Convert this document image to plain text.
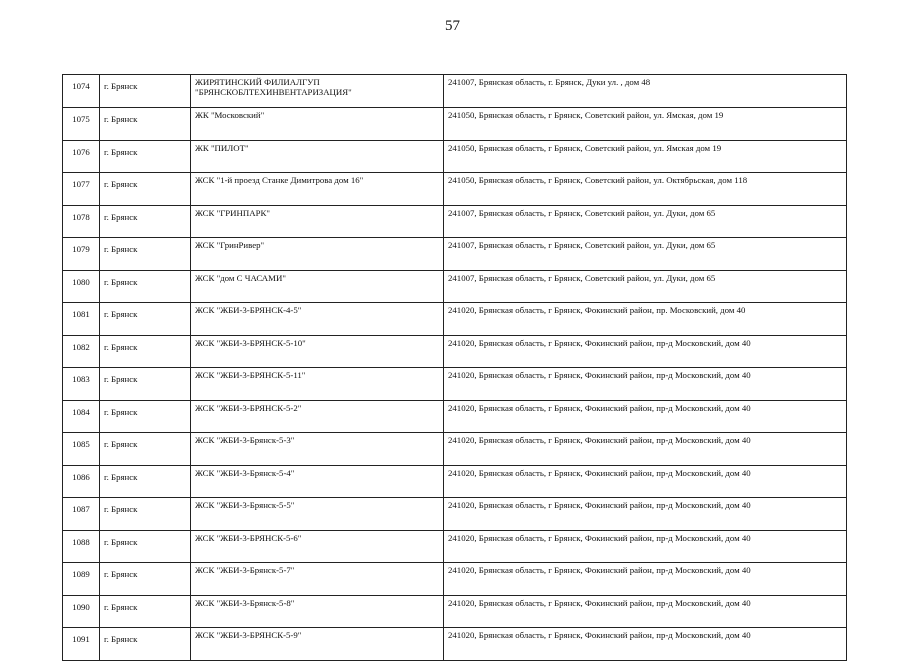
57
1074	г. Брянск	ЖИРЯТИНСКИЙ ФИЛИАЛГУП
"БРЯНСКОБЛТЕХИНВЕНТАРИЗАЦИЯ"	241007, Брянская область, г. Брянск, Дуки ул. , дом 48
1075	г. Брянск	ЖК "Московский"	241050, Брянская область, г Брянск, Советский район, ул. Ямская, дом 19
1076	г. Брянск	ЖК "ПИЛОТ"	241050, Брянская область, г Брянск, Советский район, ул. Ямская дом 19
1077	г. Брянск	ЖСК "1-й проезд Станке Димитрова дом 16"	241050, Брянская область, г Брянск, Советский район, ул. Октябрьская, дом 118
1078	г. Брянск	ЖСК "ГРИНПАРК"	241007, Брянская область, г Брянск, Советский район, ул. Дуки, дом 65
1079	г. Брянск	ЖСК "ГринРивер"	241007, Брянская область, г Брянск, Советский район, ул. Дуки, дом 65
1080	г. Брянск	ЖСК "дом С ЧАСАМИ"	241007, Брянская область, г Брянск, Советский район, ул. Дуки, дом 65
1081	г. Брянск	ЖСК "ЖБИ-3-БРЯНСК-4-5"	241020, Брянская область, г Брянск, Фокинский район, пр. Московский, дом 40
1082	г. Брянск	ЖСК "ЖБИ-3-БРЯНСК-5-10"	241020, Брянская область, г Брянск, Фокинский район, пр-д Московский, дом 40
1083	г. Брянск	ЖСК "ЖБИ-3-БРЯНСК-5-11"	241020, Брянская область, г Брянск, Фокинский район, пр-д Московский, дом 40
1084	г. Брянск	ЖСК "ЖБИ-3-БРЯНСК-5-2"	241020, Брянская область, г Брянск, Фокинский район, пр-д Московский, дом 40
1085	г. Брянск	ЖСК "ЖБИ-3-Брянск-5-3"	241020, Брянская область, г Брянск, Фокинский район, пр-д Московский, дом 40
1086	г. Брянск	ЖСК "ЖБИ-3-Брянск-5-4"	241020, Брянская область, г Брянск, Фокинский район, пр-д Московский, дом 40
1087	г. Брянск	ЖСК "ЖБИ-3-Брянск-5-5"	241020, Брянская область, г Брянск, Фокинский район, пр-д Московский, дом 40
1088	г. Брянск	ЖСК "ЖБИ-3-БРЯНСК-5-6"	241020, Брянская область, г Брянск, Фокинский район, пр-д Московский, дом 40
1089	г. Брянск	ЖСК "ЖБИ-3-Брянск-5-7"	241020, Брянская область, г Брянск, Фокинский район, пр-д Московский, дом 40
1090	г. Брянск	ЖСК "ЖБИ-3-Брянск-5-8"	241020, Брянская область, г Брянск, Фокинский район, пр-д Московский, дом 40
1091	г. Брянск	ЖСК "ЖБИ-3-БРЯНСК-5-9"	241020, Брянская область, г Брянск, Фокинский район, пр-д Московский, дом 40
